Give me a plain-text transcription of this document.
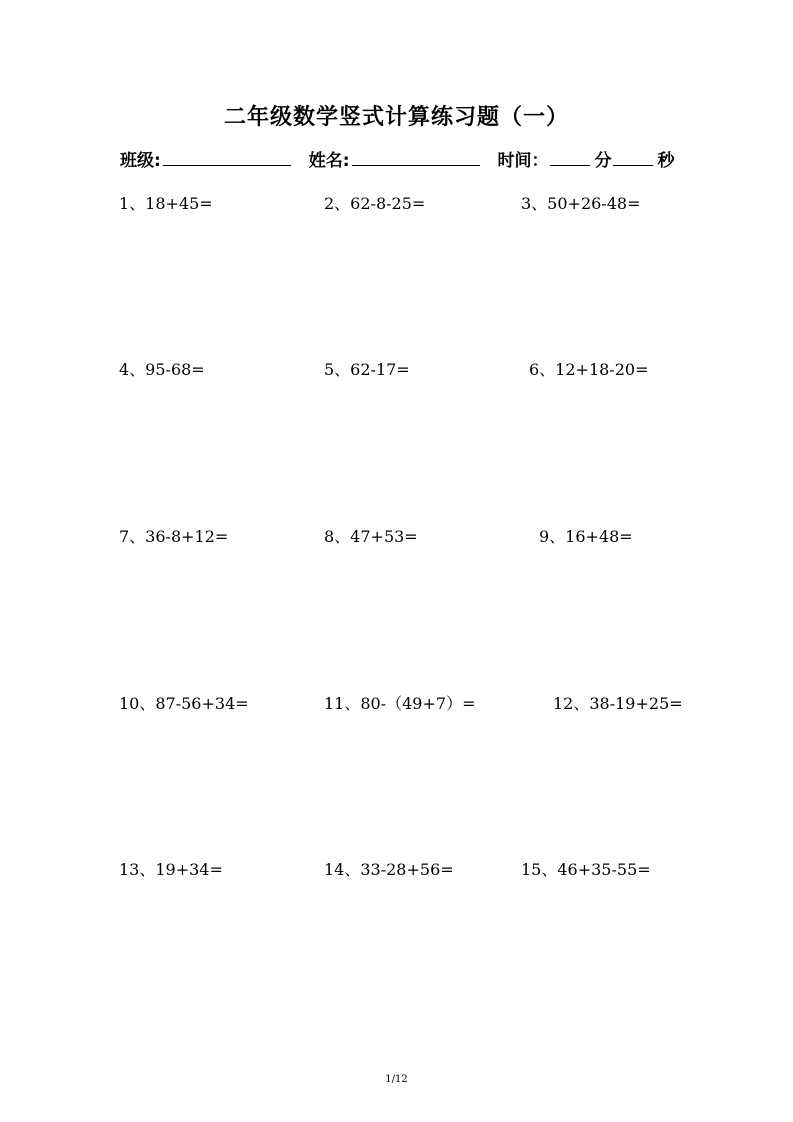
二年级数学竖式计算练习题（一）
班级:	姓名:	时间：	分	秒
1、18+45=	2、62-8-25=	3、50+26-48=
4、95-68=	5、62-17=	6、12+18-20=
7、36-8+12=	8、47+53=	9、16+48=
10、87-56+34=	11、80-（49+7）=	12、38-19+25=
13、19+34=	14、33-28+56=	15、46+35-55=
1/12
